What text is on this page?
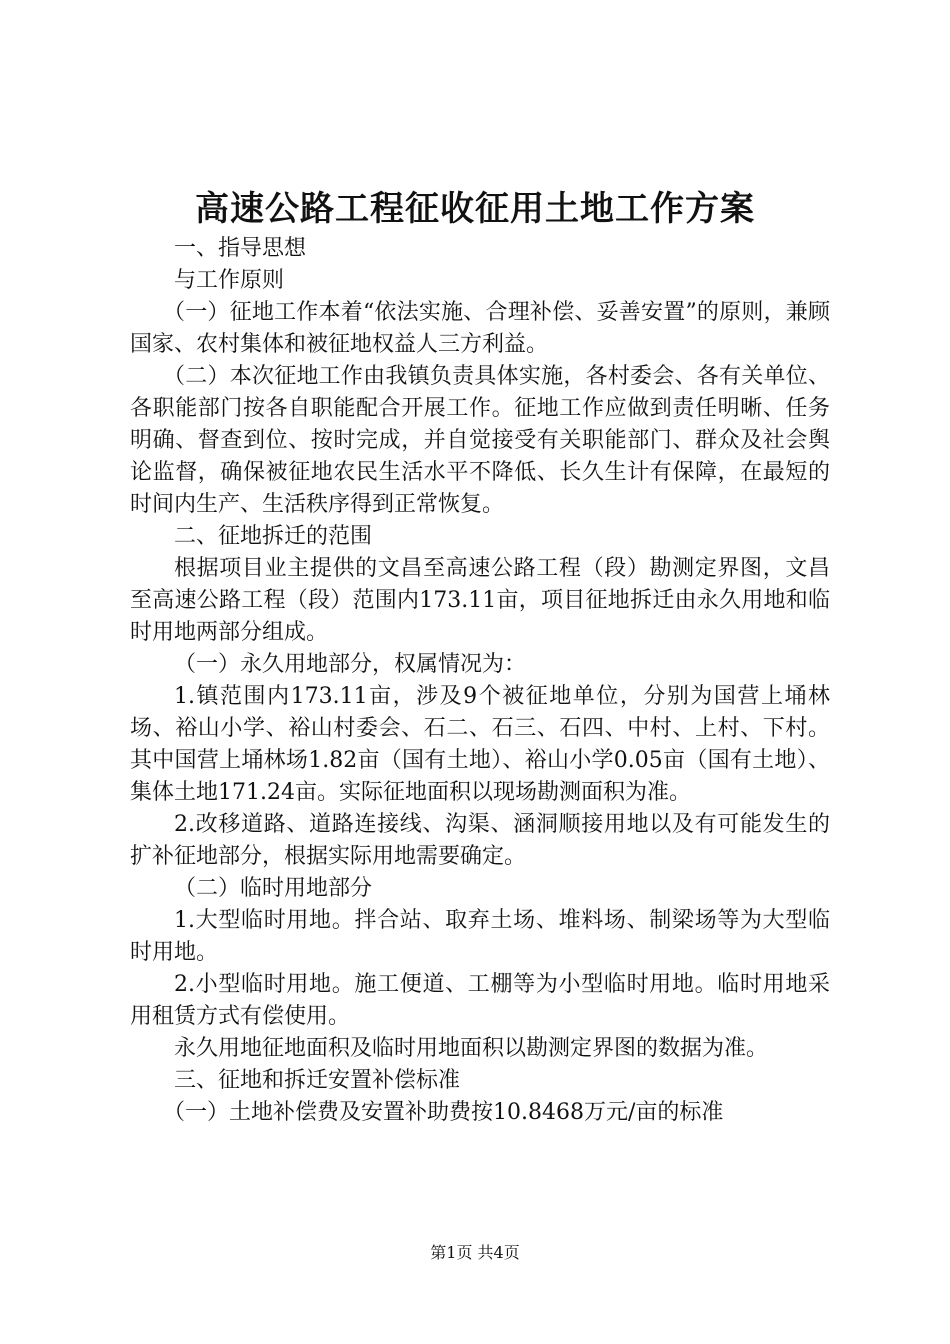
高速公路工程征收征用土地工作方案

一、指导思想

与工作原则

（一）征地工作本着“依法实施、合理补偿、妥善安置”的原则，兼顾国家、农村集体和被征地权益人三方利益。

（二）本次征地工作由我镇负责具体实施，各村委会、各有关单位、各职能部门按各自职能配合开展工作。征地工作应做到责任明晰、任务明确、督查到位、按时完成，并自觉接受有关职能部门、群众及社会舆论监督，确保被征地农民生活水平不降低、长久生计有保障，在最短的时间内生产、生活秩序得到正常恢复。

二、征地拆迁的范围

根据项目业主提供的文昌至高速公路工程（段）勘测定界图，文昌至高速公路工程（段）范围内173.11亩，项目征地拆迁由永久用地和临时用地两部分组成。

（一）永久用地部分，权属情况为：

1.镇范围内173.11亩，涉及9个被征地单位，分别为国营上埇林场、裕山小学、裕山村委会、石二、石三、石四、中村、上村、下村。其中国营上埇林场1.82亩（国有土地）、裕山小学0.05亩（国有土地）、集体土地171.24亩。实际征地面积以现场勘测面积为准。

2.改移道路、道路连接线、沟渠、涵洞顺接用地以及有可能发生的扩补征地部分，根据实际用地需要确定。

（二）临时用地部分

1.大型临时用地。拌合站、取弃土场、堆料场、制梁场等为大型临时用地。

2.小型临时用地。施工便道、工棚等为小型临时用地。临时用地采用租赁方式有偿使用。

永久用地征地面积及临时用地面积以勘测定界图的数据为准。

三、征地和拆迁安置补偿标准

（一）土地补偿费及安置补助费按10.8468万元/亩的标准

第1页 共4页
